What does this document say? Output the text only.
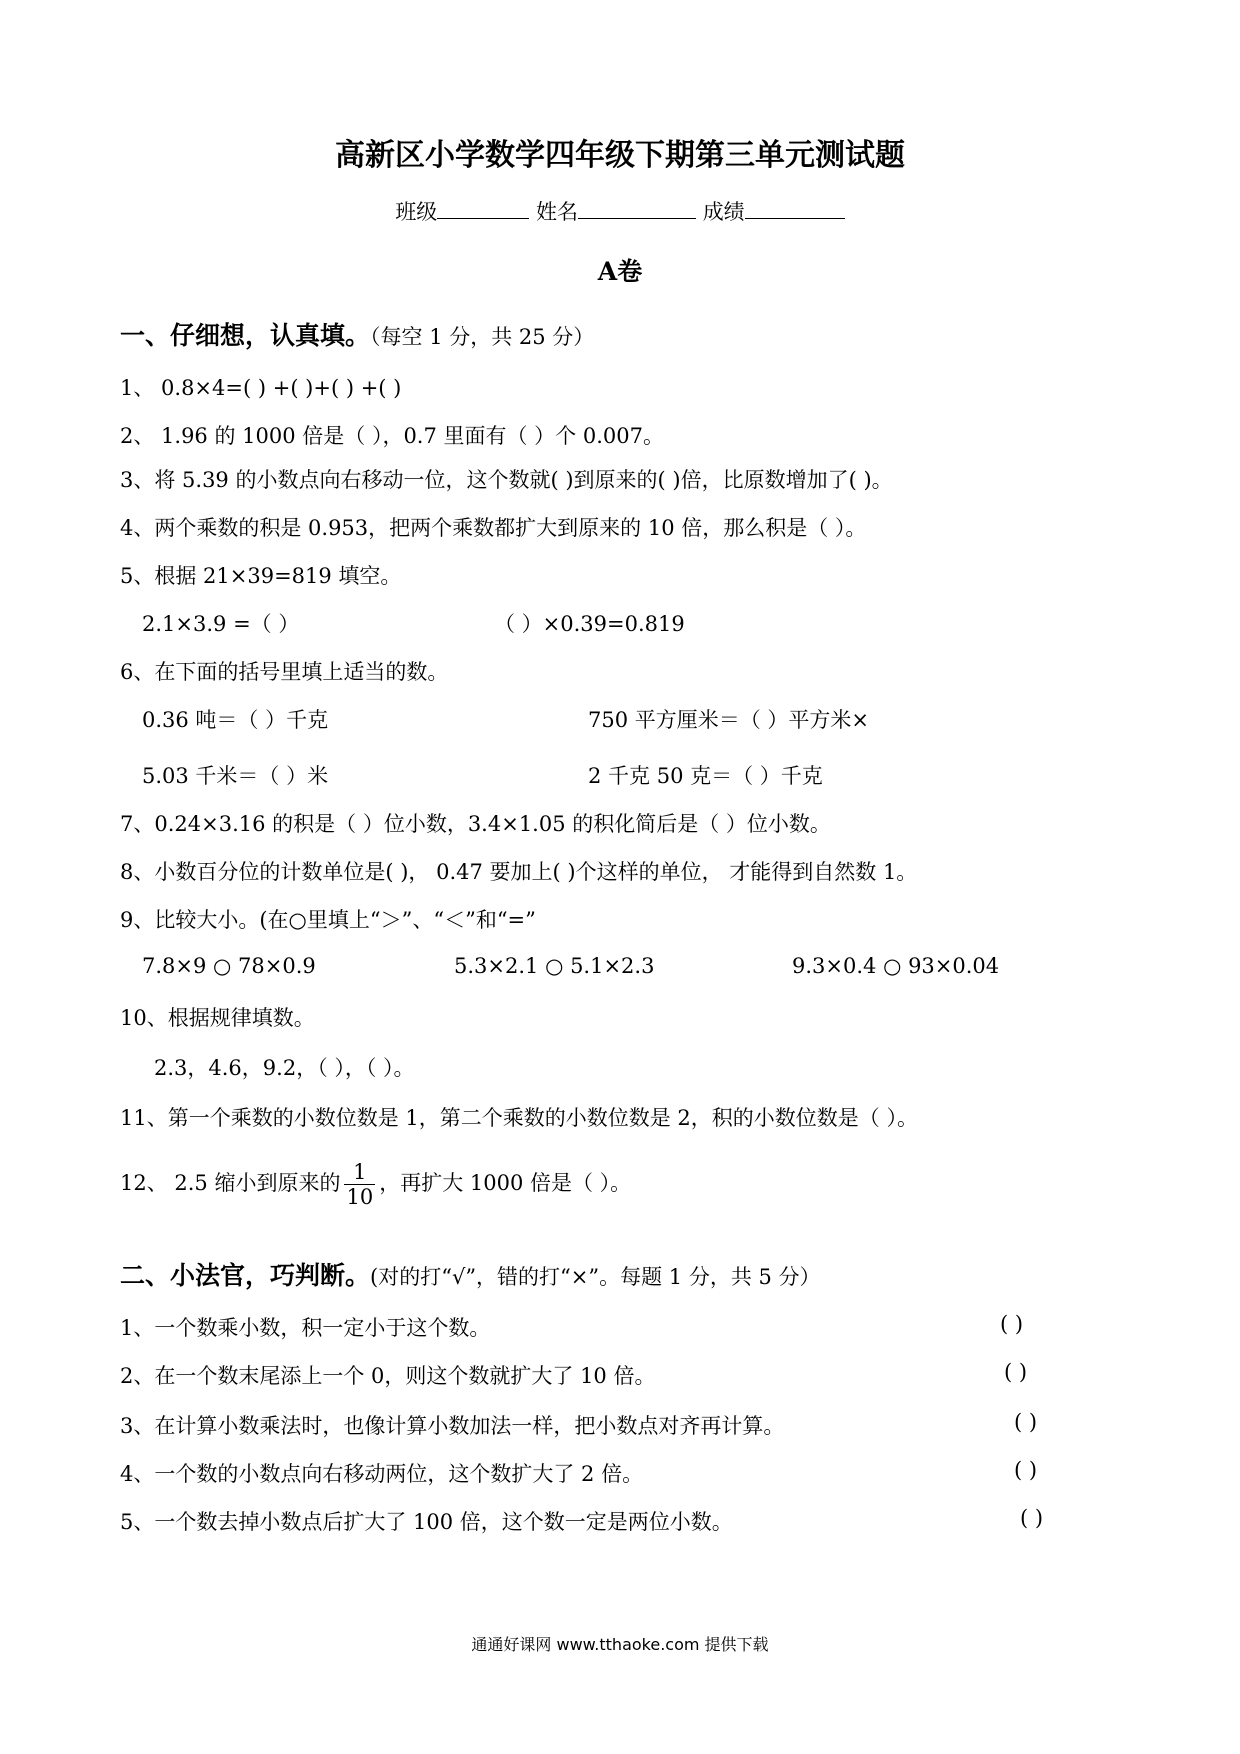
高新区小学数学四年级下期第三单元测试题
班级	姓名	成绩
A卷
一、仔细想，认真填。（每空 1 分，共 25 分）
1、 0.8×4=( ) +( )+( ) +( )
2、 1.96 的 1000 倍是（ ），0.7 里面有（ ）个 0.007。
3、将 5.39 的小数点向右移动一位，这个数就( )到原来的( )倍，比原数增加了( )。
4、两个乘数的积是 0.953，把两个乘数都扩大到原来的 10 倍，那么积是（ ）。
5、根据 21×39=819 填空。
2.1×3.9 =（ ）	（ ）×0.39=0.819
6、在下面的括号里填上适当的数。
0.36 吨＝（ ）千克	750 平方厘米＝（ ）平方米×
5.03 千米＝（ ）米	2 千克 50 克＝（ ）千克
7、0.24×3.16 的积是（ ）位小数，3.4×1.05 的积化简后是（ ）位小数。
8、小数百分位的计数单位是( )， 0.47 要加上( )个这样的单位， 才能得到自然数 1。
9、比较大小。(在○里填上“＞”、“＜”和“=”
7.8×9 ○ 78×0.9	5.3×2.1 ○ 5.1×2.3	9.3×0.4 ○ 93×0.04
10、根据规律填数。
2.3，4.6，9.2，（ ），（ ）。
11、第一个乘数的小数位数是 1，第二个乘数的小数位数是 2，积的小数位数是（ ）。
12、 2.5 缩小到原来的 $\frac{1}{10}$ ，再扩大 1000 倍是（ ）。
二、小法官，巧判断。(对的打“√”，错的打“×”。每题 1 分，共 5 分）
1、一个数乘小数，积一定小于这个数。	( )
2、在一个数末尾添上一个 0，则这个数就扩大了 10 倍。	( )
3、在计算小数乘法时，也像计算小数加法一样，把小数点对齐再计算。	( )
4、一个数的小数点向右移动两位，这个数扩大了 2 倍。	( )
5、一个数去掉小数点后扩大了 100 倍，这个数一定是两位小数。	( )
通通好课网 www.tthaoke.com 提供下载
